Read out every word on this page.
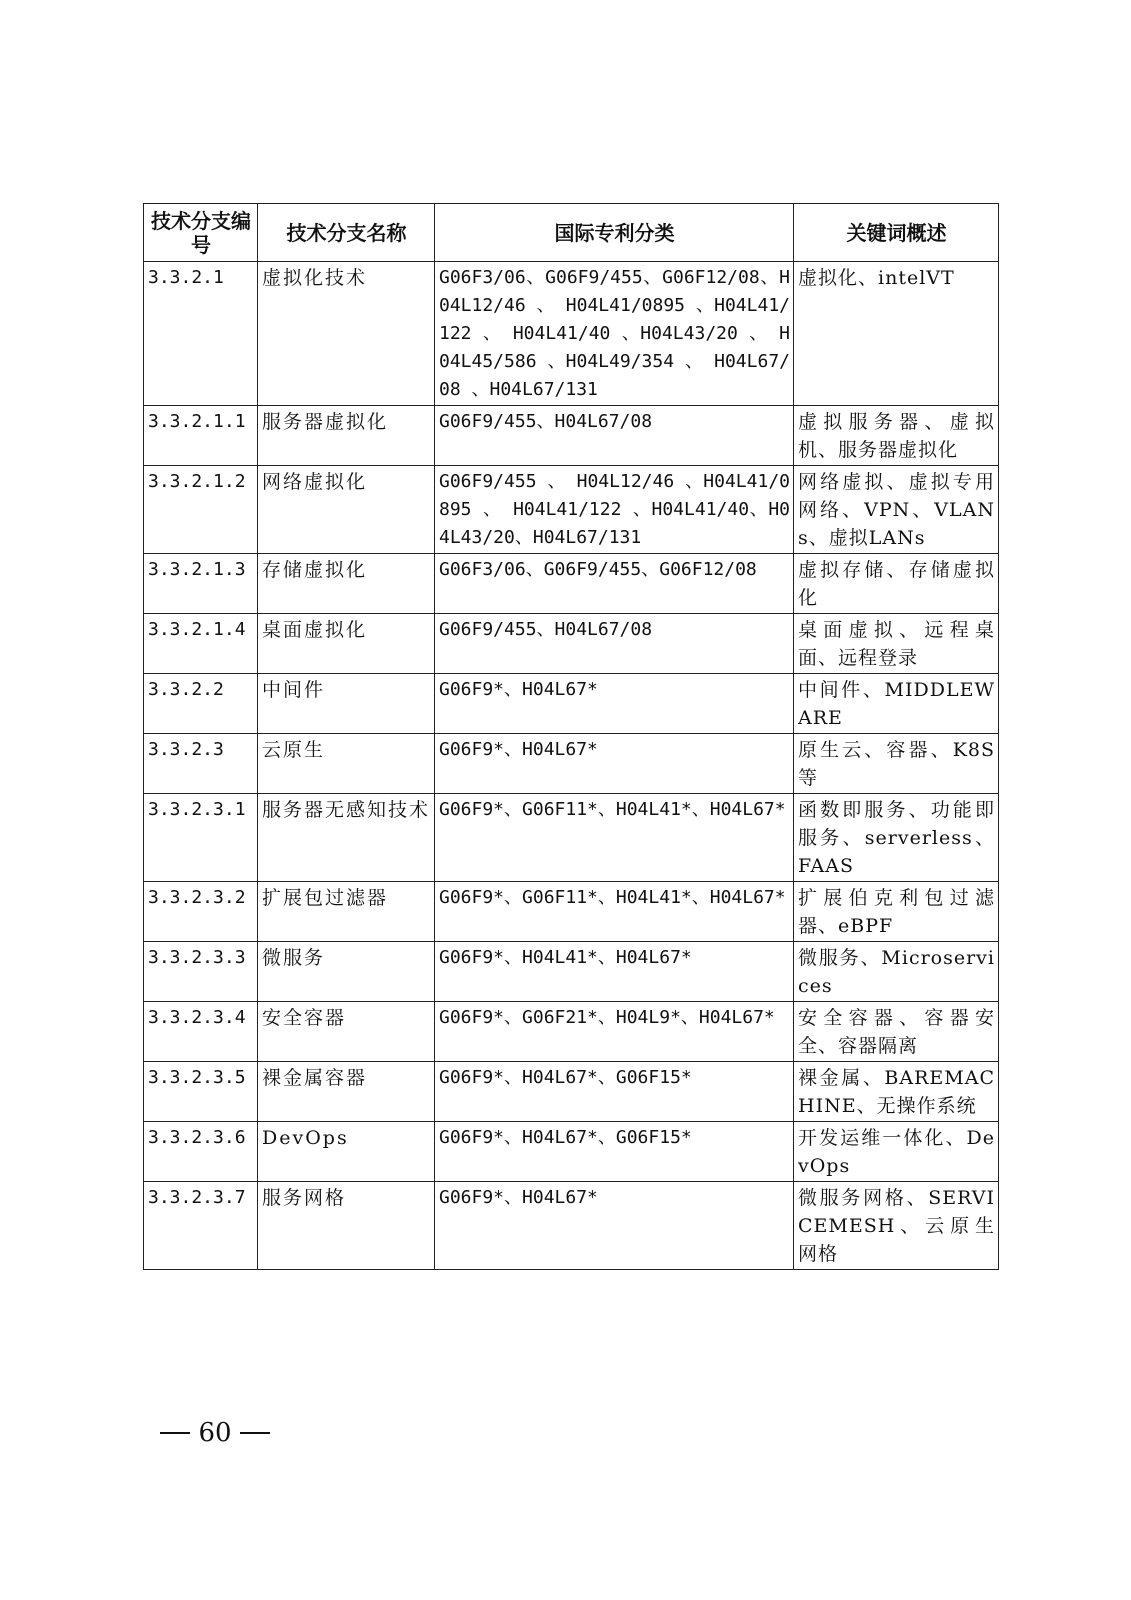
技术分支编号	技术分支名称	国际专利分类	关键词概述
3.3.2.1	虚拟化技术	G06F3/06、G06F9/455、G06F12/08、H04L12/46 、 H04L41/0895 、H04L41/122 、 H04L41/40 、H04L43/20 、 H04L45/586 、H04L49/354 、 H04L67/08 、H04L67/131	虚拟化、intelVT
3.3.2.1.1	服务器虚拟化	G06F9/455、H04L67/08	虚拟服务器、虚拟机、服务器虚拟化
3.3.2.1.2	网络虚拟化	G06F9/455 、 H04L12/46 、H04L41/0895 、 H04L41/122 、H04L41/40、H04L43/20、H04L67/131	网络虚拟、虚拟专用网络、VPN、VLANs、虚拟LANs
3.3.2.1.3	存储虚拟化	G06F3/06、G06F9/455、G06F12/08	虚拟存储、存储虚拟化
3.3.2.1.4	桌面虚拟化	G06F9/455、H04L67/08	桌面虚拟、远程桌面、远程登录
3.3.2.2	中间件	G06F9*、H04L67*	中间件、MIDDLEWARE
3.3.2.3	云原生	G06F9*、H04L67*	原生云、容器、K8S等
3.3.2.3.1	服务器无感知技术	G06F9*、G06F11*、H04L41*、H04L67*	函数即服务、功能即服务、serverless、FAAS
3.3.2.3.2	扩展包过滤器	G06F9*、G06F11*、H04L41*、H04L67*	扩展伯克利包过滤器、eBPF
3.3.2.3.3	微服务	G06F9*、H04L41*、H04L67*	微服务、Microservices
3.3.2.3.4	安全容器	G06F9*、G06F21*、H04L9*、H04L67*	安全容器、容器安全、容器隔离
3.3.2.3.5	裸金属容器	G06F9*、H04L67*、G06F15*	裸金属、BAREMACHINE、无操作系统
3.3.2.3.6	DevOps	G06F9*、H04L67*、G06F15*	开发运维一体化、DevOps
3.3.2.3.7	服务网格	G06F9*、H04L67*	微服务网格、SERVICEMESH、云原生网格
60
